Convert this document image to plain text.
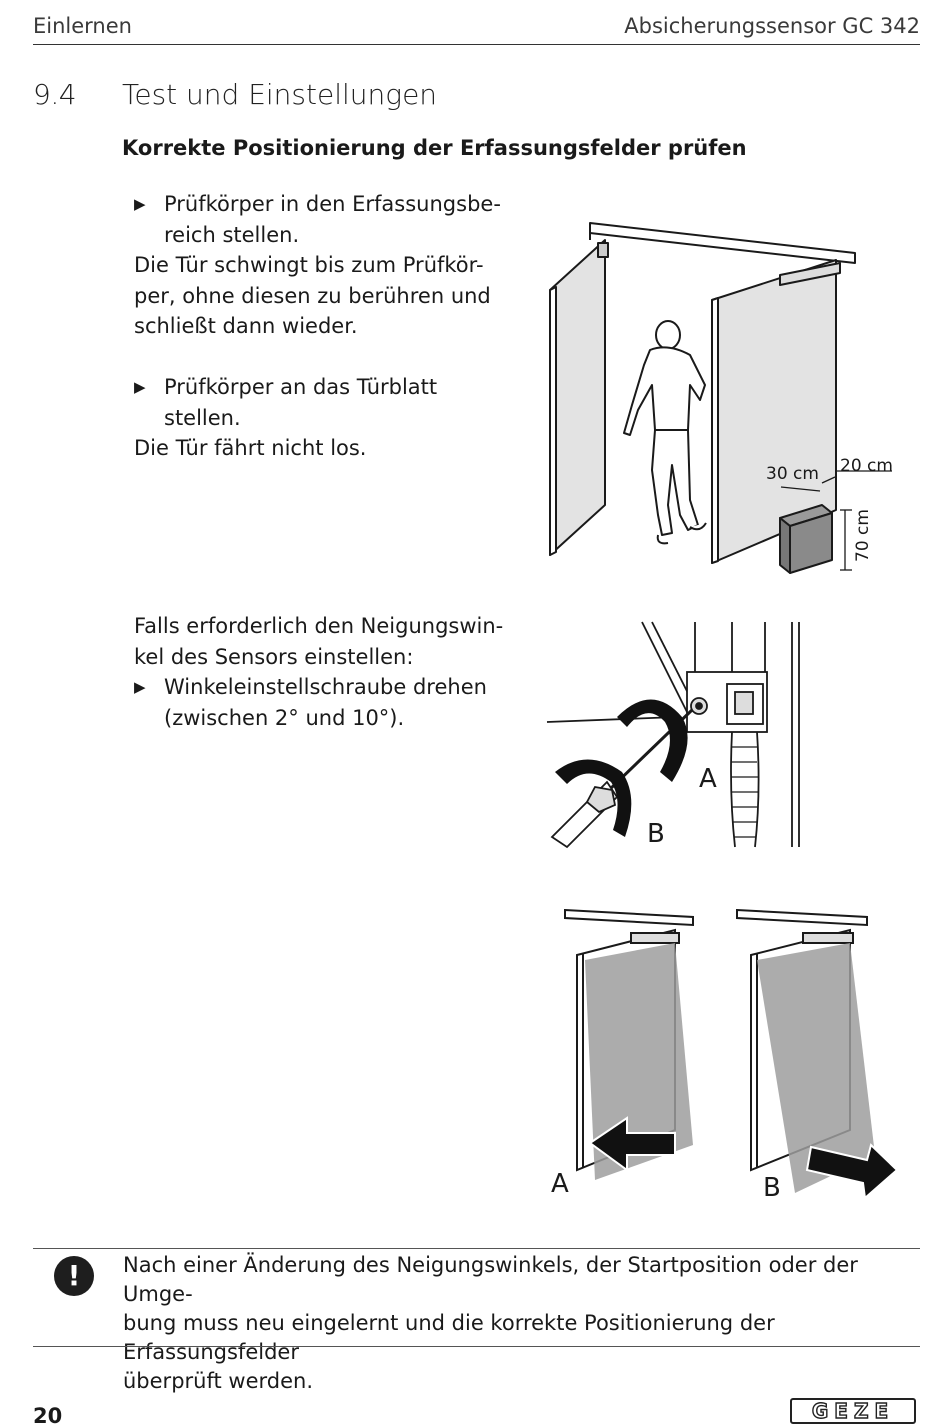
Einlernen	Absicherungssensor GC 342
9.4 Test und Einstellungen
Korrekte Positionierung der Erfassungsfelder prüfen
▶ Prüfkörper in den Erfassungsbe-
reich stellen.
Die Tür schwingt bis zum Prüfkör-
per, ohne diesen zu berühren und
schließt dann wieder.
▶ Prüfkörper an das Türblatt
stellen.
Die Tür fährt nicht los.
30 cm 20 cm
70 cm
Falls erforderlich den Neigungswin-
kel des Sensors einstellen:
▶ Winkeleinstellschraube drehen
(zwischen 2° und 10°).
A
B
A	B
!	Nach einer Änderung des Neigungswinkels, der Startposition oder der Umge-
bung muss neu eingelernt und die korrekte Positionierung der Erfassungsfelder
überprüft werden.
20	GEZE
